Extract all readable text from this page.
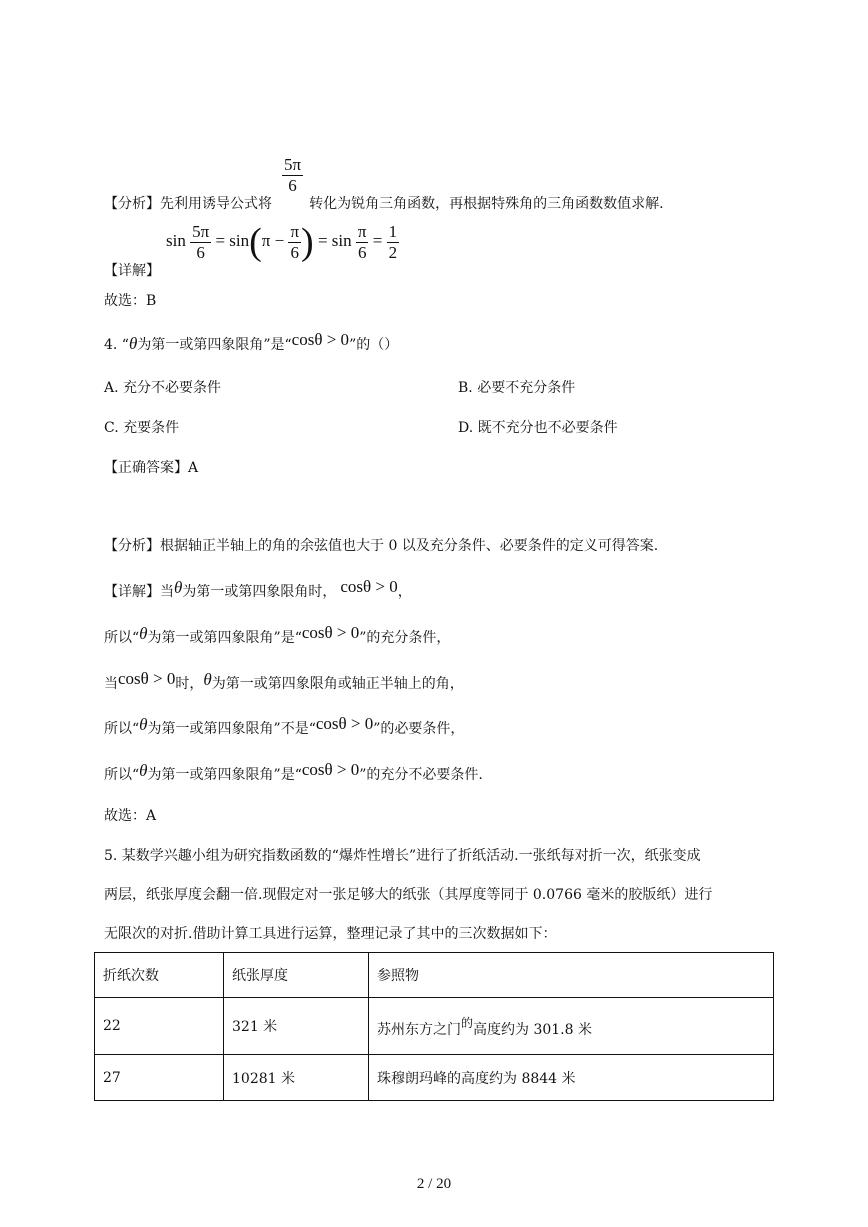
【分析】先利用诱导公式将
$\frac{5\pi}{6}$
转化为锐角三角函数，再根据特殊角的三角函数数值求解.
$\sin \frac{5\pi}{6} = \sin(\pi - \frac{\pi}{6}$ ) = $\sin \frac{\pi}{6} = \frac{1}{2}$
【详解】
故选：B
4. “θ为第一或第四象限角”是“cosθ > 0”的（）
A. 充分不必要条件	B. 必要不充分条件
C. 充要条件	D. 既不充分也不必要条件
【正确答案】A
【分析】根据轴正半轴上的角的余弦值也大于 0 以及充分条件、必要条件的定义可得答案.
【详解】当θ为第一或第四象限角时， cosθ > 0，
所以“θ为第一或第四象限角”是“cosθ > 0”的充分条件，
当cosθ > 0时，θ为第一或第四象限角或轴正半轴上的角，
所以“θ为第一或第四象限角”不是“cosθ > 0”的必要条件，
所以“θ为第一或第四象限角”是“cosθ > 0”的充分不必要条件.
故选：A
5. 某数学兴趣小组为研究指数函数的“爆炸性增长”进行了折纸活动.一张纸每对折一次，纸张变成
两层，纸张厚度会翻一倍.现假定对一张足够大的纸张（其厚度等同于 0.0766 毫米的胶版纸）进行
无限次的对折.借助计算工具进行运算，整理记录了其中的三次数据如下：
折纸次数	纸张厚度	参照物
22	321 米	苏州东方之门的高度约为 301.8 米
27	10281 米	珠穆朗玛峰的高度约为 8844 米
2 / 20
